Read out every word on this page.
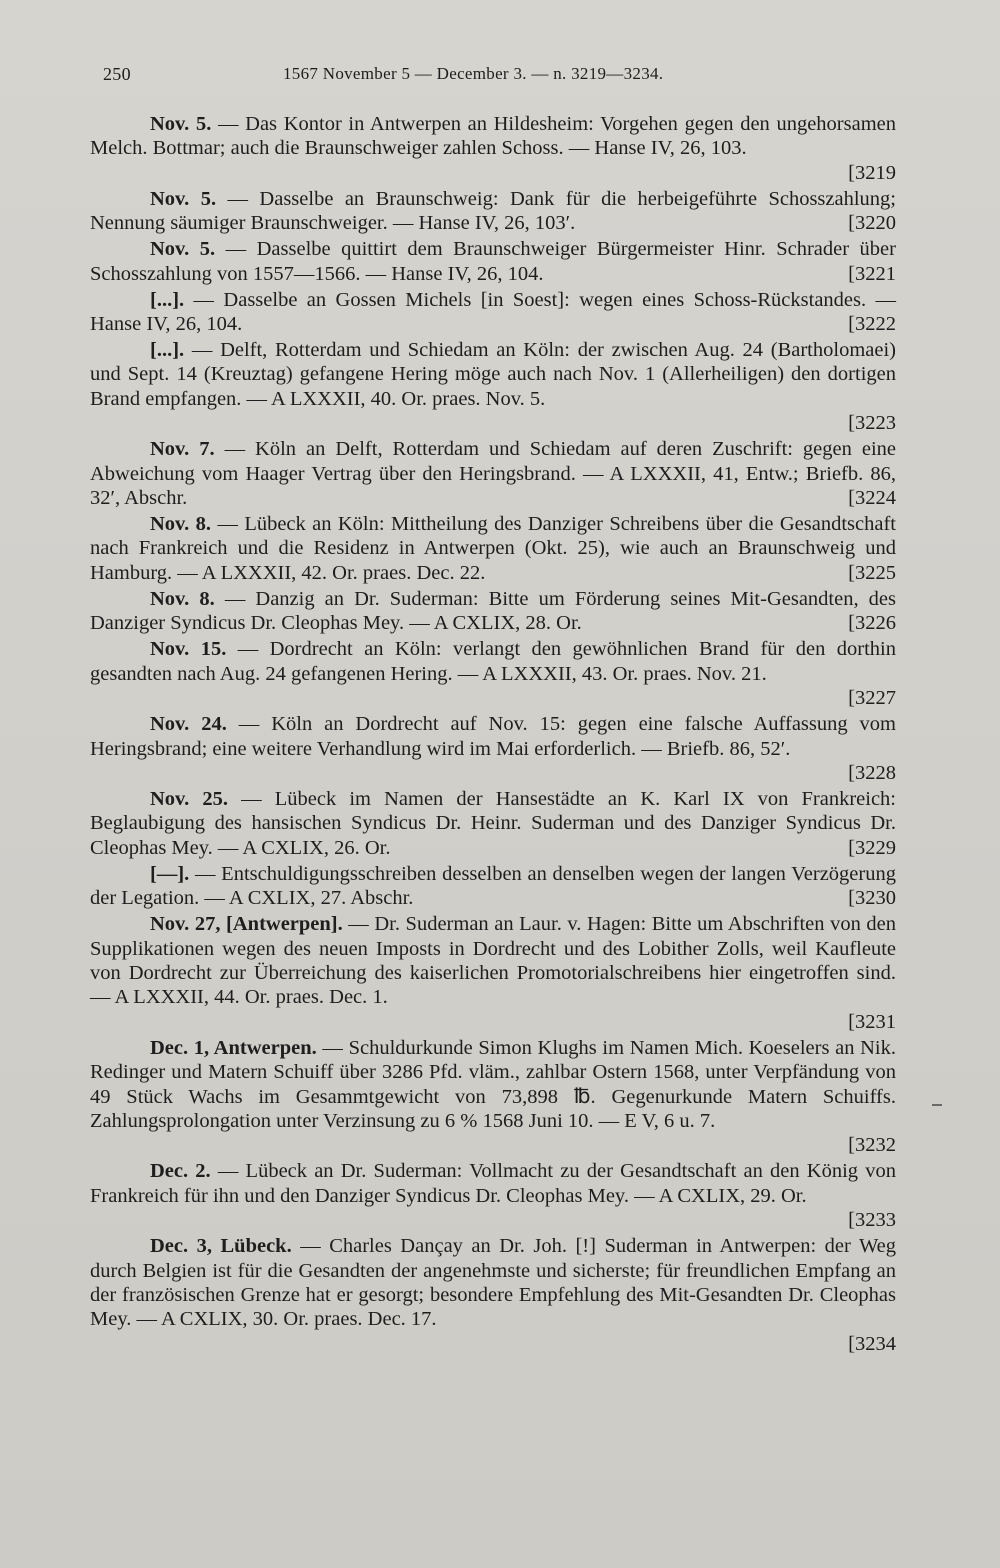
250	1567 November 5 — December 3. — n. 3219—3234.

Nov. 5. — Das Kontor in Antwerpen an Hildesheim: Vorgehen gegen den ungehorsamen Melch. Bottmar; auch die Braunschweiger zahlen Schoss. — Hanse IV, 26, 103.

[3219

Nov. 5. — Dasselbe an Braunschweig: Dank für die herbeigeführte Schosszahlung; Nennung säumiger Braunschweiger. — Hanse IV, 26, 103′.	[3220

Nov. 5. — Dasselbe quittirt dem Braunschweiger Bürgermeister Hinr. Schrader über Schosszahlung von 1557—1566. — Hanse IV, 26, 104.	[3221

[...]. — Dasselbe an Gossen Michels [in Soest]: wegen eines Schoss-Rückstandes. — Hanse IV, 26, 104.	[3222

[...]. — Delft, Rotterdam und Schiedam an Köln: der zwischen Aug. 24 (Bartholomaei) und Sept. 14 (Kreuztag) gefangene Hering möge auch nach Nov. 1 (Allerheiligen) den dortigen Brand empfangen. — A LXXXII, 40. Or. praes. Nov. 5.

[3223

Nov. 7. — Köln an Delft, Rotterdam und Schiedam auf deren Zuschrift: gegen eine Abweichung vom Haager Vertrag über den Heringsbrand. — A LXXXII, 41, Entw.; Briefb. 86, 32′, Abschr.	[3224

Nov. 8. — Lübeck an Köln: Mittheilung des Danziger Schreibens über die Gesandtschaft nach Frankreich und die Residenz in Antwerpen (Okt. 25), wie auch an Braunschweig und Hamburg. — A LXXXII, 42. Or. praes. Dec. 22.	[3225

Nov. 8. — Danzig an Dr. Suderman: Bitte um Förderung seines Mit-Gesandten, des Danziger Syndicus Dr. Cleophas Mey. — A CXLIX, 28. Or.	[3226

Nov. 15. — Dordrecht an Köln: verlangt den gewöhnlichen Brand für den dorthin gesandten nach Aug. 24 gefangenen Hering. — A LXXXII, 43. Or. praes. Nov. 21.

[3227

Nov. 24. — Köln an Dordrecht auf Nov. 15: gegen eine falsche Auffassung vom Heringsbrand; eine weitere Verhandlung wird im Mai erforderlich. — Briefb. 86, 52′.

[3228

Nov. 25. — Lübeck im Namen der Hansestädte an K. Karl IX von Frankreich: Beglaubigung des hansischen Syndicus Dr. Heinr. Suderman und des Danziger Syndicus Dr. Cleophas Mey. — A CXLIX, 26. Or.	[3229

[—]. — Entschuldigungsschreiben desselben an denselben wegen der langen Verzögerung der Legation. — A CXLIX, 27. Abschr.	[3230

Nov. 27, [Antwerpen]. — Dr. Suderman an Laur. v. Hagen: Bitte um Abschriften von den Supplikationen wegen des neuen Imposts in Dordrecht und des Lobither Zolls, weil Kaufleute von Dordrecht zur Überreichung des kaiserlichen Promotorialschreibens hier eingetroffen sind. — A LXXXII, 44. Or. praes. Dec. 1.

[3231

Dec. 1, Antwerpen. — Schuldurkunde Simon Klughs im Namen Mich. Koeselers an Nik. Redinger und Matern Schuiff über 3286 Pfd. vläm., zahlbar Ostern 1568, unter Verpfändung von 49 Stück Wachs im Gesammtgewicht von 73,898 ℔. Gegenurkunde Matern Schuiffs. Zahlungsprolongation unter Verzinsung zu 6 % 1568 Juni 10. — E V, 6 u. 7.

[3232

Dec. 2. — Lübeck an Dr. Suderman: Vollmacht zu der Gesandtschaft an den König von Frankreich für ihn und den Danziger Syndicus Dr. Cleophas Mey. — A CXLIX, 29. Or.

[3233

Dec. 3, Lübeck. — Charles Dançay an Dr. Joh. [!] Suderman in Antwerpen: der Weg durch Belgien ist für die Gesandten der angenehmste und sicherste; für freundlichen Empfang an der französischen Grenze hat er gesorgt; besondere Empfehlung des Mit-Gesandten Dr. Cleophas Mey. — A CXLIX, 30. Or. praes. Dec. 17.

[3234
